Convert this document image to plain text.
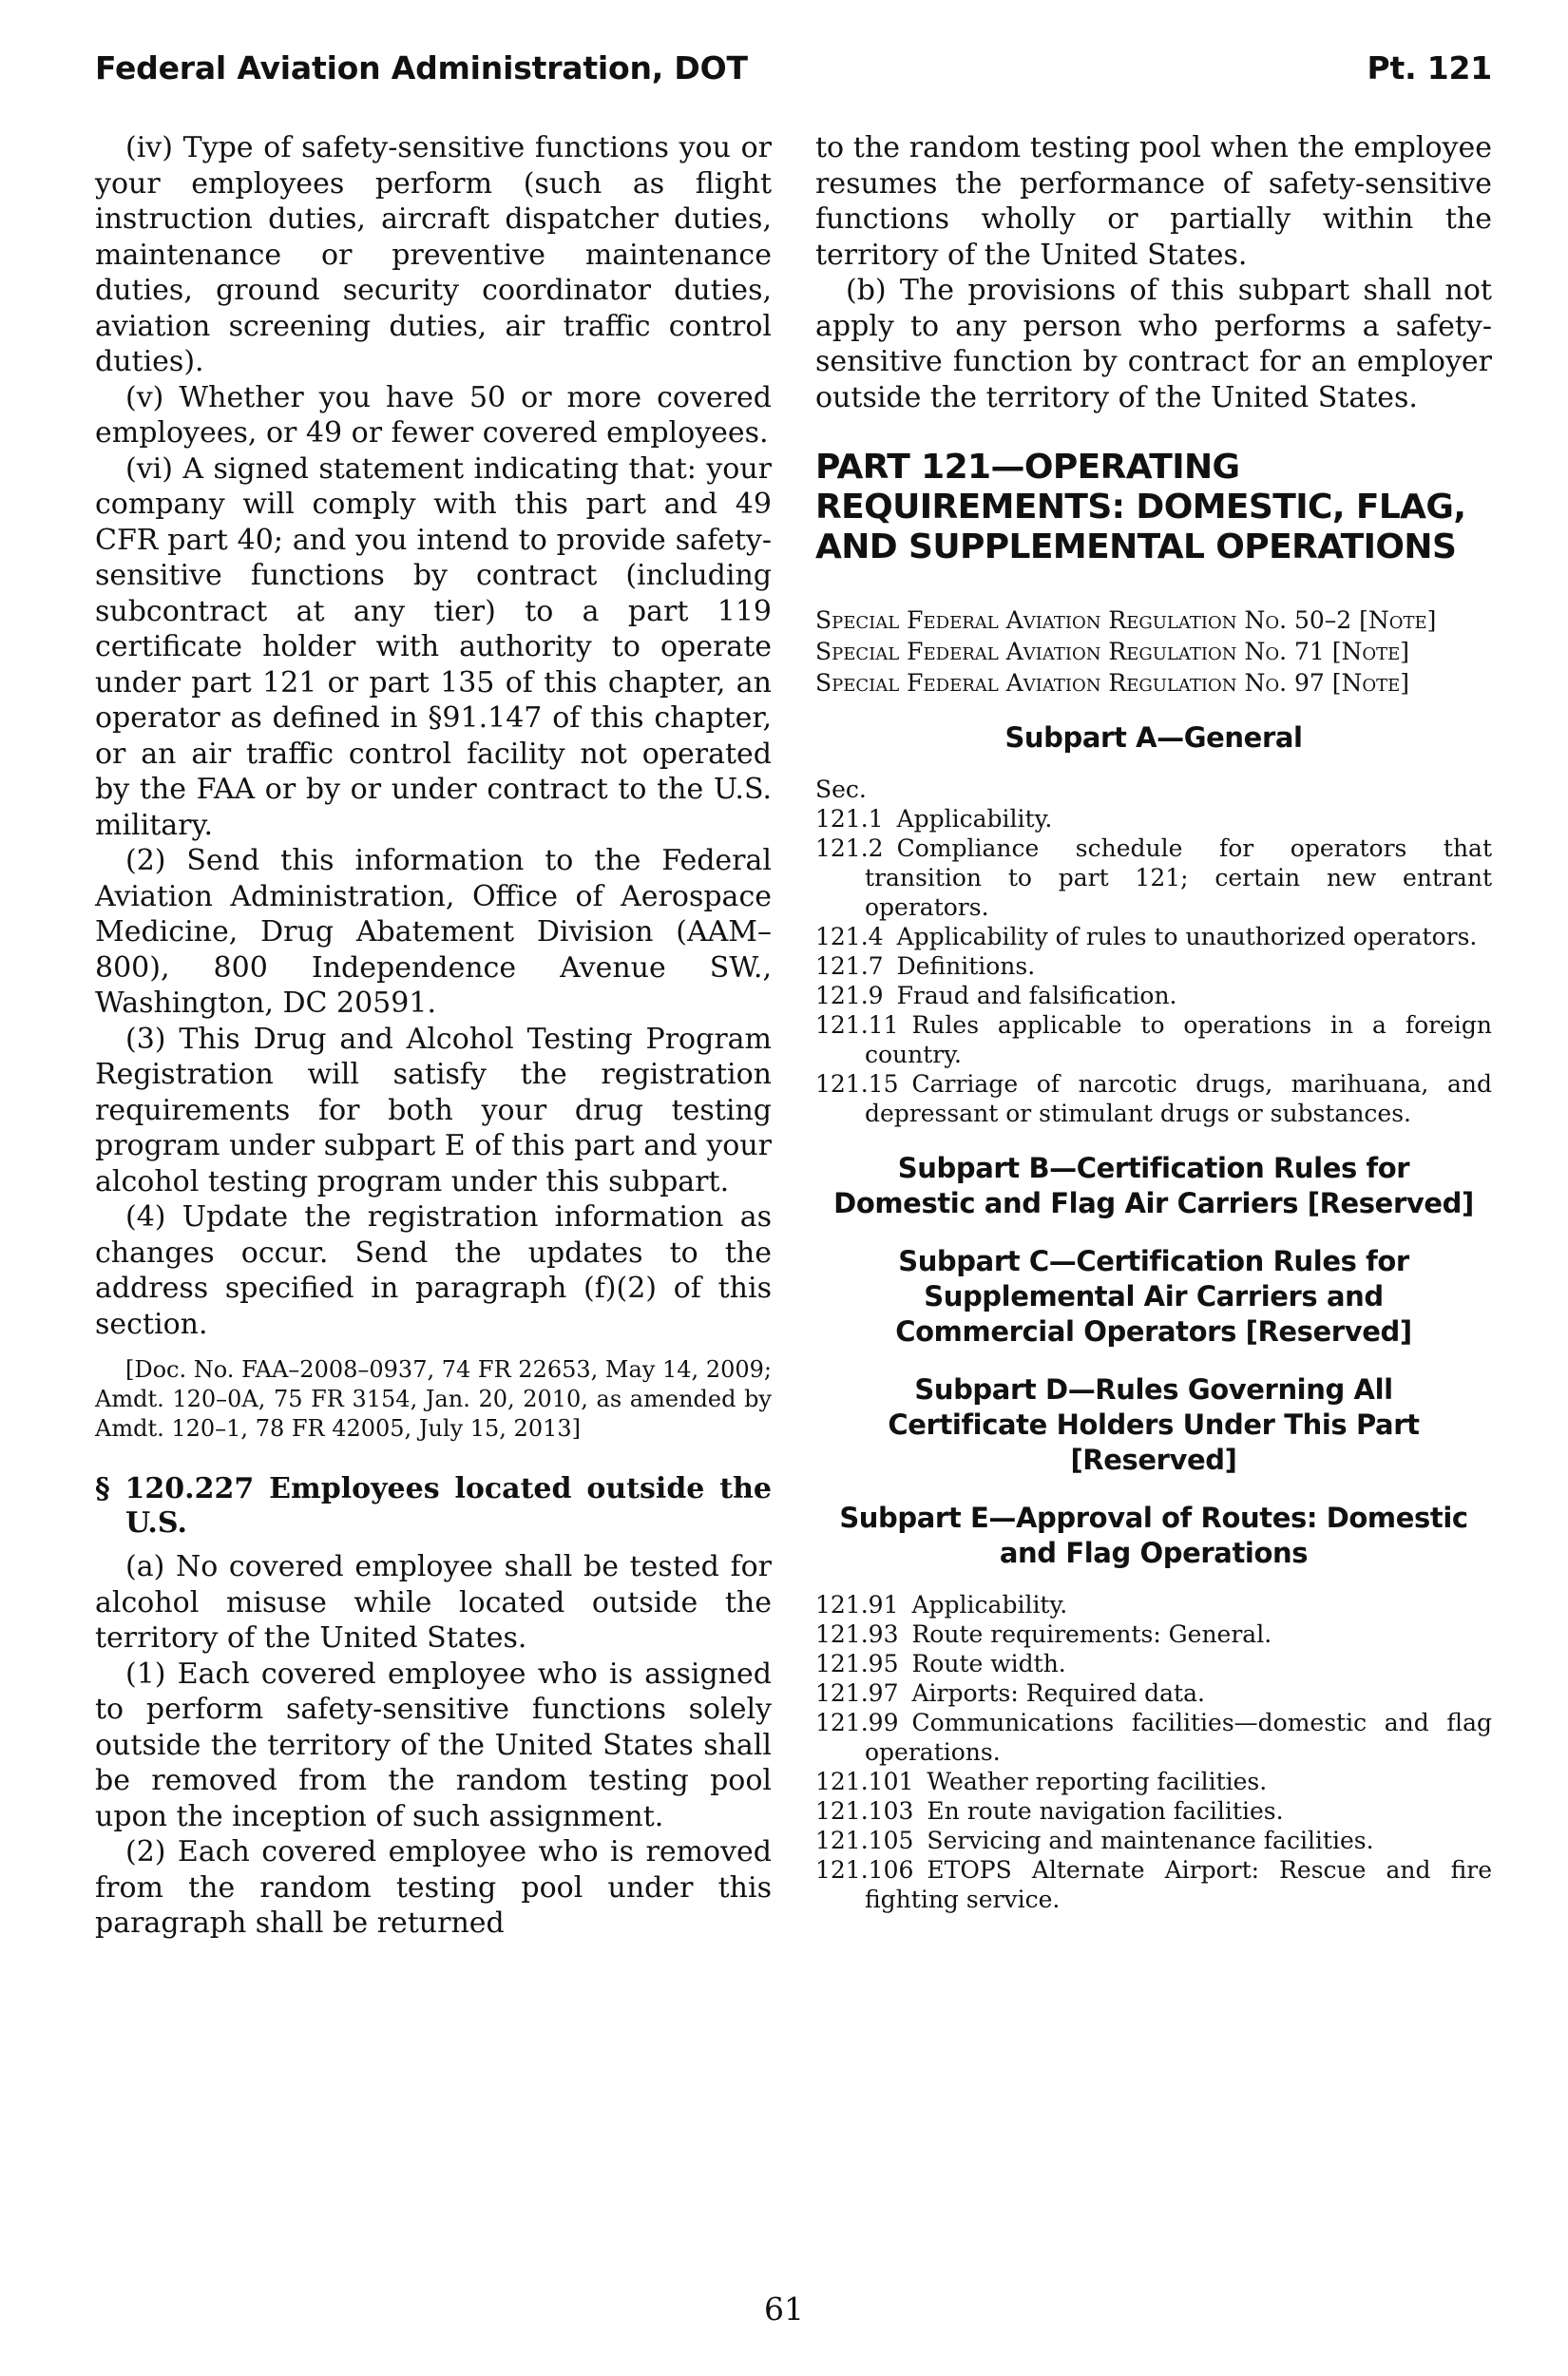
Federal Aviation Administration, DOT	Pt. 121

(iv) Type of safety-sensitive functions you or your employees perform (such as flight instruction duties, aircraft dispatcher duties, maintenance or preventive maintenance duties, ground security coordinator duties, aviation screening duties, air traffic control duties).

(v) Whether you have 50 or more covered employees, or 49 or fewer covered employees.

(vi) A signed statement indicating that: your company will comply with this part and 49 CFR part 40; and you intend to provide safety-sensitive functions by contract (including subcontract at any tier) to a part 119 certificate holder with authority to operate under part 121 or part 135 of this chapter, an operator as defined in §91.147 of this chapter, or an air traffic control facility not operated by the FAA or by or under contract to the U.S. military.

(2) Send this information to the Federal Aviation Administration, Office of Aerospace Medicine, Drug Abatement Division (AAM–800), 800 Independence Avenue SW., Washington, DC 20591.

(3) This Drug and Alcohol Testing Program Registration will satisfy the registration requirements for both your drug testing program under subpart E of this part and your alcohol testing program under this subpart.

(4) Update the registration information as changes occur. Send the updates to the address specified in paragraph (f)(2) of this section.

[Doc. No. FAA–2008–0937, 74 FR 22653, May 14, 2009; Amdt. 120–0A, 75 FR 3154, Jan. 20, 2010, as amended by Amdt. 120–1, 78 FR 42005, July 15, 2013]

§ 120.227 Employees located outside the U.S.

(a) No covered employee shall be tested for alcohol misuse while located outside the territory of the United States.

(1) Each covered employee who is assigned to perform safety-sensitive functions solely outside the territory of the United States shall be removed from the random testing pool upon the inception of such assignment.

(2) Each covered employee who is removed from the random testing pool under this paragraph shall be returned

to the random testing pool when the employee resumes the performance of safety-sensitive functions wholly or partially within the territory of the United States.

(b) The provisions of this subpart shall not apply to any person who performs a safety-sensitive function by contract for an employer outside the territory of the United States.

PART 121—OPERATING REQUIREMENTS: DOMESTIC, FLAG, AND SUPPLEMENTAL OPERATIONS

Special Federal Aviation Regulation No. 50–2 [Note]

Special Federal Aviation Regulation No. 71 [Note]

Special Federal Aviation Regulation No. 97 [Note]

Subpart A—General
Sec.

121.1 Applicability.

121.2 Compliance schedule for operators that transition to part 121; certain new entrant operators.

121.4 Applicability of rules to unauthorized operators.

121.7 Definitions.

121.9 Fraud and falsification.

121.11 Rules applicable to operations in a foreign country.

121.15 Carriage of narcotic drugs, marihuana, and depressant or stimulant drugs or substances.

Subpart B—Certification Rules for Domestic and Flag Air Carriers [Reserved]
Subpart C—Certification Rules for Supplemental Air Carriers and Commercial Operators [Reserved]
Subpart D—Rules Governing All Certificate Holders Under This Part [Reserved]
Subpart E—Approval of Routes: Domestic and Flag Operations

121.91 Applicability.

121.93 Route requirements: General.

121.95 Route width.

121.97 Airports: Required data.

121.99 Communications facilities—domestic and flag operations.

121.101 Weather reporting facilities.

121.103 En route navigation facilities.

121.105 Servicing and maintenance facilities.

121.106 ETOPS Alternate Airport: Rescue and fire fighting service.

61
